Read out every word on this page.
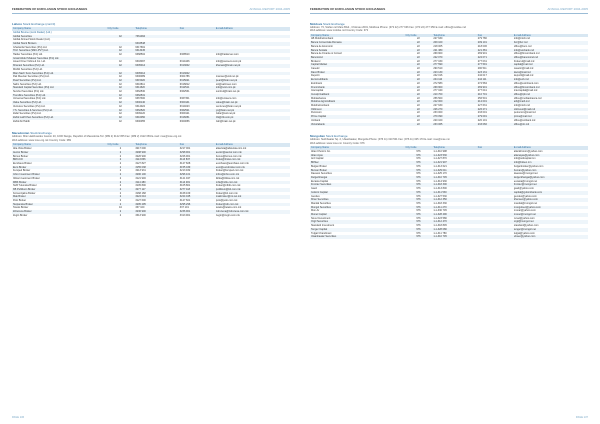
FEDERATION OF EURO-ASIAN STOCK EXCHANGES	ANNUAL REPORT 2004-2005
Lahore Stock Exchange (cont'd)
Company Name	City Code	Telephone	Fax	E-mail Address
Global Bourse (stock Dealer) (Ltd.)				
Global Securities	42	7361094		
Global Ahmed Stock Dealer (Ltd.)				
Global Stock Brokers		6303548		
Ghazanfar Securities (Pvt) Ltd.	42	6317691		
H.M. Securities (SMC-PVT) Ltd.	42	6313445		
Haider Securities (Pvt) Ltd.	42	6368502	6368510	info@haidersec.com
Ismail Abdul Shakoor Securities (Pvt) Ltd.				
Javed Omer Vohra & Co. Ltd.	42	6303097	6314446	info@jovoseco.com.pk
Khanani Securities (Pvt) Ltd.	42	6305014	6313002	khanani@brain.net.pk
MAAN Securities (Pvt) Ltd.				
Mian Nazir Sons Securities (Pvt) Ltd.	42	6305014	6313002	
Pak Meezan Securities (Pvt) Ltd.	42	6306089	6301786	mansec@wol.net.pk
Pearl Securities (Pvt) Ltd.	42	6315020	6315021	pearl@brain.net.pk
Salim Securities (Pvt) Ltd.	42	6316811	6316812	ssl@salimsec.com
Standard Capital Securities (Pvt) Ltd.	42	6311520	6311521	info@scsl.com.pk
Sumbul Securities (Pvt) Ltd.	42	6362530	6362531	sumbul@brain.net.pk
Trendline Securities (Pvt) Ltd.	42	6362531		
Universal Securities (Pvt) Ltd.	42	6367300	6367301	info@unisecs.com
Value Securities (Pvt) Ltd.	42	6300140	6300141	value@brain.net.pk
Ventures Securities (Pvt) Ltd.	42	6314022	6314023	ventures@brain.net.pk
Y.S. Securities & Services (Pvt) Ltd.	42	6362520	6362521	ys@brain.net.pk
Zafar Securities (Pvt) Ltd.	42	6309120	6309121	zafar@wol.net.pk
Zahid Latif Khan Securities (Pvt) Ltd.	42	6316050	6316051	zlk@zlk.com.pk
Zahid Ali Habib	42	6300055	6300056	zah@brain.net.pk
Macedonian Stock Exchange
Address: Mito Hadzivasilev Jasmin 20, 1000 Skopje, Republic of Macedonia Tel: (389 2) 3122 055 Fax: (389 2) 3122 069 E-mail: mse@mse.org.mk
Web address: www.mse.org.mk Country Code: 389
Company Name	City Code	Telephone	Fax	E-mail Address
Alta Vista Broker	2	3217 000	3217 001	altavista@altavista.com.mk
Auctor Broker	2	3298 900	3298 901	auctor@auctor.com.mk
Bonus Broker	2	3226 900	3226 901	bonus@bonus.com.mk
BRO-KO	2	3113 836	3113 837	broko@broko.com.mk
Eurohaus Broker	2	3127 827	3127 828	eurohaus@eurohaus.com.mk
Euro Broker	2	3155 038	3155 039	euro@eurobroker.com.mk
Fersped Broker	2	3213 931	3213 932	broker@fersped.com.mk
Inbro Investment Broker	2	3296 100	3296 101	inbro@inbro.com.mk
Ilirika Investment Broker	2	3121 946	3121 947	ilirika@ilirika.com.mk
MBK Broker	2	3114 480	3114 481	mbk@mbk.com.mk
NLB Tutunska Broker	2	3105 800	3105 801	broker@nlbtb.com.mk
KB Publikum Broker	2	3277 117	3277 118	publikum@kb.com.mk
Komercijalna Broker	2	3168 168	3168 169	broker@kb.com.mk
Mak Broker	2	3224 044	3224 045	makbroker@mt.net.mk
Polo Broker	2	3127 600	3127 601	polo@polo.com.mk
Stopanska Broker	2	3295 295	3295 296	broker@stb.com.mk
Teteks Broker	44	337 100	337 101	teteks@teteks.com.mk
Zdruzena Broker	2	3236 900	3236 901	zdruzena@zdruzena.com.mk
Zegin Broker	2	3313 900	3313 901	zegin@zegin.com.mk
PAGE 136
FEDERATION OF EURO-ASIAN STOCK EXCHANGES	ANNUAL REPORT 2004-2005
Moldova Stock Exchange
Address: 73, Stefan cel Mare Blvd., Chisinau 2001, Moldova Phone: (373 22) 277 636 Fax: (373 22) 277 356 E-mail: office@moldse.md
Web address: www.moldse.md Country Code: 373
Company Name	City Code	Telephone	Fax	E-mail Address
AB Moldindconbank	22	227 630	279 780	info@micb.md
Banca Comerciala Romana	22	209 100	209 101	bcr@bcr.md
Banca de Economii	22	218 005	218 006	office@bem.md
Banca Sociala	22	221 380	221 381	info@socbank.md
Banca de Finante si Comert	22	269 900	269 901	office@fincombank.md
Bancosind	22	222 070	222 071	office@bancosind.md
Brokerul	22	277 030	277 031	brokerul@mail.md
Capital Market	22	277 590	277 591	capital@mail.md
Caselor	22	290 510	290 511	caselor@mail.md
Daco Broker	22	223 130	223 131	daco@mail.md
Depozit	22	242 016	242 017	depozit@mail.md
Eurocreditbank	22	244 110	244 111	info@ecb.md
Eximbank	22	272 583	272 584	office@eximbank.com
Fincombank	22	269 900	269 901	office@fincombank.md
Intercapital	22	277 040	277 041	intercapital@mail.md
Investprivatbank	22	210 700	210 701	office@ipb.md
Mobiasbanca	22	256 500	256 501	office@mobiasbanca.md
Moldova Agroindbank	22	212 000	212 001	aib@maib.md
Moldindconbank	22	227 630	227 631	info@micb.md
Oldinvest	22	226 270	226 271	oldinvest@mail.md
Petrocom	22	233 000	233 001	petrocom@mail.md
Prime Capital	22	279 090	279 091	prime@mail.md
Unibank	22	220 100	220 101	office@unibank.md
Victoriabank	22	233 065	233 066	office@vb.md
Mongolian Stock Exchange
Address: Sukhbaatar Sq. 2, Ulaanbaatar, Mongolia Phone: (976 11) 310 501 Fax: (976 11) 325 170 E-mail: mse@mse.mn
Web address: www.mse.mn Country Code: 976
Company Name	City Code	Telephone	Fax	E-mail Address
Altan Khorom Co.	976	1-1-310 998		altankhorom@yahoo.com
Altan Ayas	976	1-1-323 530		altanayas@yahoo.com
Ard Capital	976	1-1-327 870		info@ardcapital.mn
BDSec	976	1-1-321 907		info@bdsec.mn
Bulgan Broker	976	1-1-313 621		bulganbroker@yahoo.com
Buman Broker	976	1-1-329 011		buman@yahoo.com
Daewoo Securities	976	1-1-325 170		daewoo@mongol.net
Delgerkhangai	976	1-1-310 745		delgerkhangai@yahoo.com
Eurasia Capital	976	1-1-314 930		eurasia@mongol.net
Frontier Securities	976	1-1-318 300		frontier@mongol.net
Gauli	976	1-1-313 800		gauli@yahoo.com
Golomt Capital	976	1-1-311 530		capital@golomtbank.com
Gendex	976	1-1-327 530		gendex@yahoo.com
Khan Securities	976	1-1-312 350		khansec@yahoo.com
Mandal Securities	976	1-1-318 330		mandal@mongol.net
Mongol Securities	976	1-1-311 270		mongolsec@yahoo.com
Mon-Ar	976	1-1-330 745		monar@yahoo.com
Monet Capital	976	1-1-328 490		monet@mongol.net
Novel Investment	976	1-1-323 580		novel@yahoo.com
Orgil Securities	976	1-1-312 470		orgil@mongol.net
Standard Investment	976	1-1-318 845		standard@yahoo.com
Tenger Capital	976	1-1-328 080		tenger@mongol.net
Tulgat Chandmani	976	1-1-311 780		tulgat@yahoo.com
Ulaanbaatar Securities	976	1-1-310 745		ubsec@yahoo.com
PAGE 137
